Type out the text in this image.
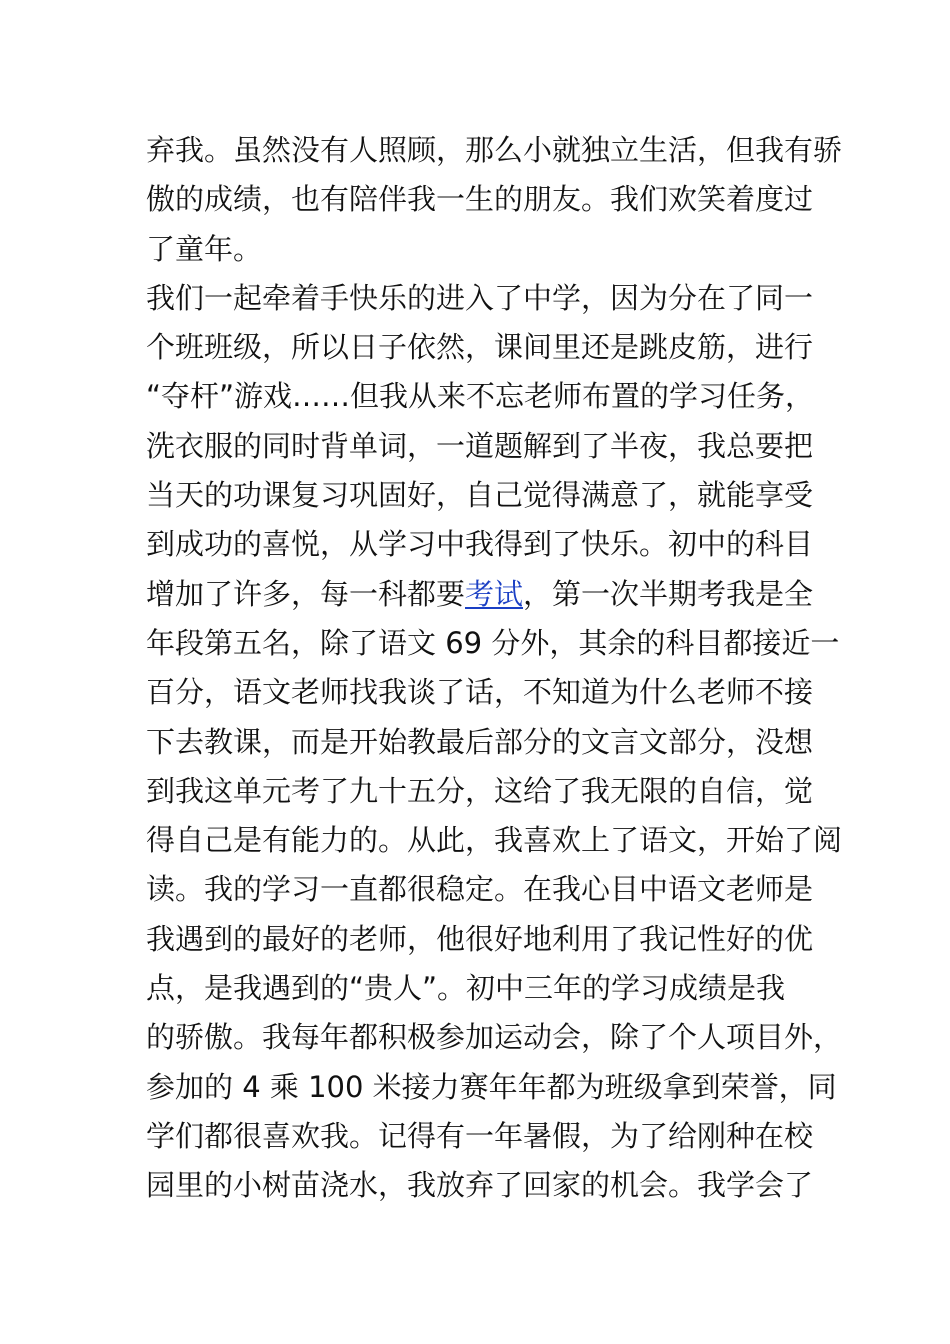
弃我。虽然没有人照顾，那么小就独立生活，但我有骄
傲的成绩，也有陪伴我一生的朋友。我们欢笑着度过
了童年。
我们一起牵着手快乐的进入了中学，因为分在了同一
个班班级，所以日子依然，课间里还是跳皮筋，进行
“夺杆”游戏……但我从来不忘老师布置的学习任务，
洗衣服的同时背单词，一道题解到了半夜，我总要把
当天的功课复习巩固好，自己觉得满意了，就能享受
到成功的喜悦，从学习中我得到了快乐。初中的科目
增加了许多，每一科都要考试，第一次半期考我是全
年段第五名，除了语文 69 分外，其余的科目都接近一
百分，语文老师找我谈了话，不知道为什么老师不接
下去教课，而是开始教最后部分的文言文部分，没想
到我这单元考了九十五分，这给了我无限的自信，觉
得自己是有能力的。从此，我喜欢上了语文，开始了阅
读。我的学习一直都很稳定。在我心目中语文老师是
我遇到的最好的老师，他很好地利用了我记性好的优
点，是我遇到的“贵人”。初中三年的学习成绩是我
的骄傲。我每年都积极参加运动会，除了个人项目外，
参加的 4 乘 100 米接力赛年年都为班级拿到荣誉，同
学们都很喜欢我。记得有一年暑假，为了给刚种在校
园里的小树苗浇水，我放弃了回家的机会。我学会了
